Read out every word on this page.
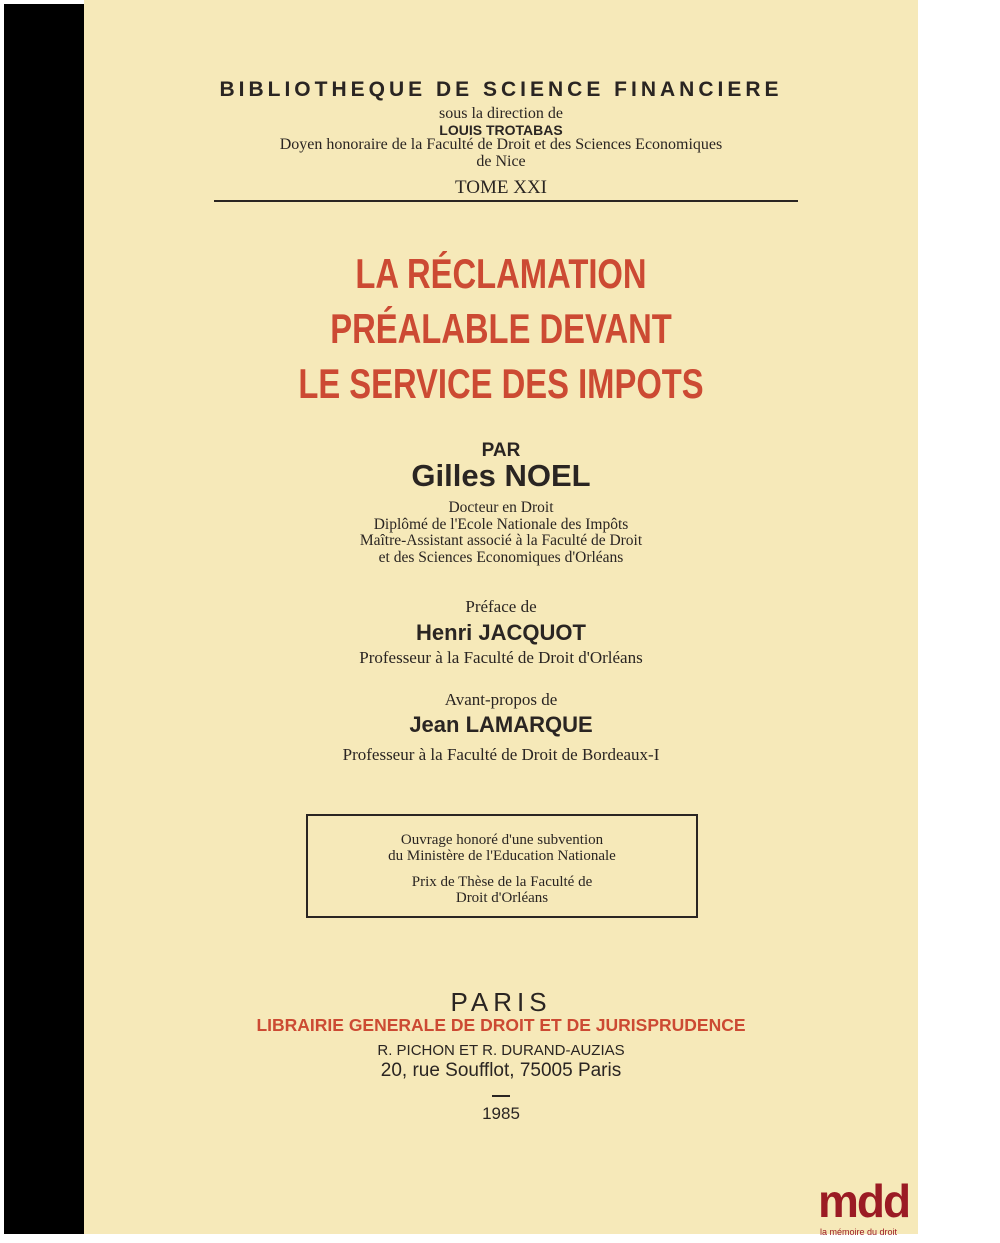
BIBLIOTHEQUE DE SCIENCE FINANCIERE
sous la direction de
LOUIS TROTABAS
Doyen honoraire de la Faculté de Droit et des Sciences Economiques
de Nice
TOME XXI
LA RÉCLAMATION
PRÉALABLE DEVANT
LE SERVICE DES IMPOTS
PAR
Gilles NOEL
Docteur en Droit
Diplômé de l'Ecole Nationale des Impôts
Maître-Assistant associé à la Faculté de Droit
et des Sciences Economiques d'Orléans
Préface de
Henri JACQUOT
Professeur à la Faculté de Droit d'Orléans
Avant-propos de
Jean LAMARQUE
Professeur à la Faculté de Droit de Bordeaux-I
Ouvrage honoré d'une subvention
du Ministère de l'Education Nationale
Prix de Thèse de la Faculté de
Droit d'Orléans
PARIS
LIBRAIRIE GENERALE DE DROIT ET DE JURISPRUDENCE
R. PICHON ET R. DURAND-AUZIAS
20, rue Soufflot, 75005 Paris
1985
mdd
la mémoire du droit
